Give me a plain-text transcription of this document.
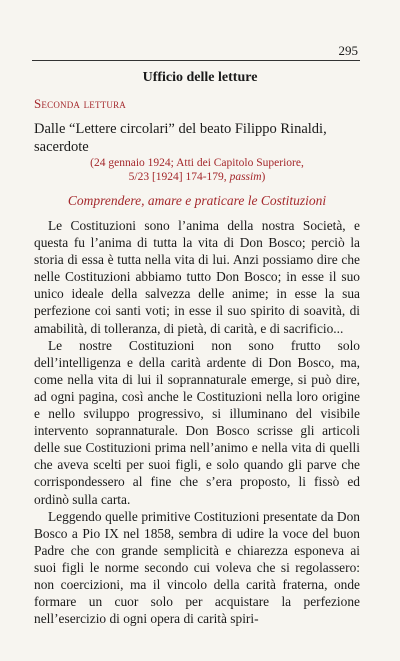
295
Ufficio delle letture
Seconda lettura
Dalle “Lettere circolari” del beato Filippo Rinaldi, sacerdote
(24 gennaio 1924; Atti dei Capitolo Superiore,
5/23 [1924] 174-179, passim)
Comprendere, amare e praticare le Costituzioni

Le Costituzioni sono l’anima della nostra Società, e questa fu l’anima di tutta la vita di Don Bosco; perciò la storia di essa è tutta nella vita di lui. Anzi possiamo dire che nelle Costituzioni abbiamo tutto Don Bosco; in esse il suo unico ideale della salvezza delle anime; in esse la sua perfezione coi santi voti; in esse il suo spirito di soavità, di amabilità, di tolleranza, di pietà, di carità, e di sacrificio...

Le nostre Costituzioni non sono frutto solo dell’intelligenza e della carità ardente di Don Bosco, ma, come nella vita di lui il soprannaturale emerge, si può dire, ad ogni pagina, così anche le Costituzioni nella loro origine e nello sviluppo progressivo, si illuminano del visibile intervento soprannaturale. Don Bosco scrisse gli articoli delle sue Costituzioni prima nell’animo e nella vita di quelli che aveva scelti per suoi figli, e solo quando gli parve che corrispondessero al fine che s’era proposto, li fissò ed ordinò sulla carta.

Leggendo quelle primitive Costituzioni presentate da Don Bosco a Pio IX nel 1858, sembra di udire la voce del buon Padre che con grande semplicità e chiarezza esponeva ai suoi figli le norme secondo cui voleva che si regolassero: non coercizioni, ma il vincolo della carità fraterna, onde formare un cuor solo per acquistare la perfezione nell’esercizio di ogni opera di carità spiri-
